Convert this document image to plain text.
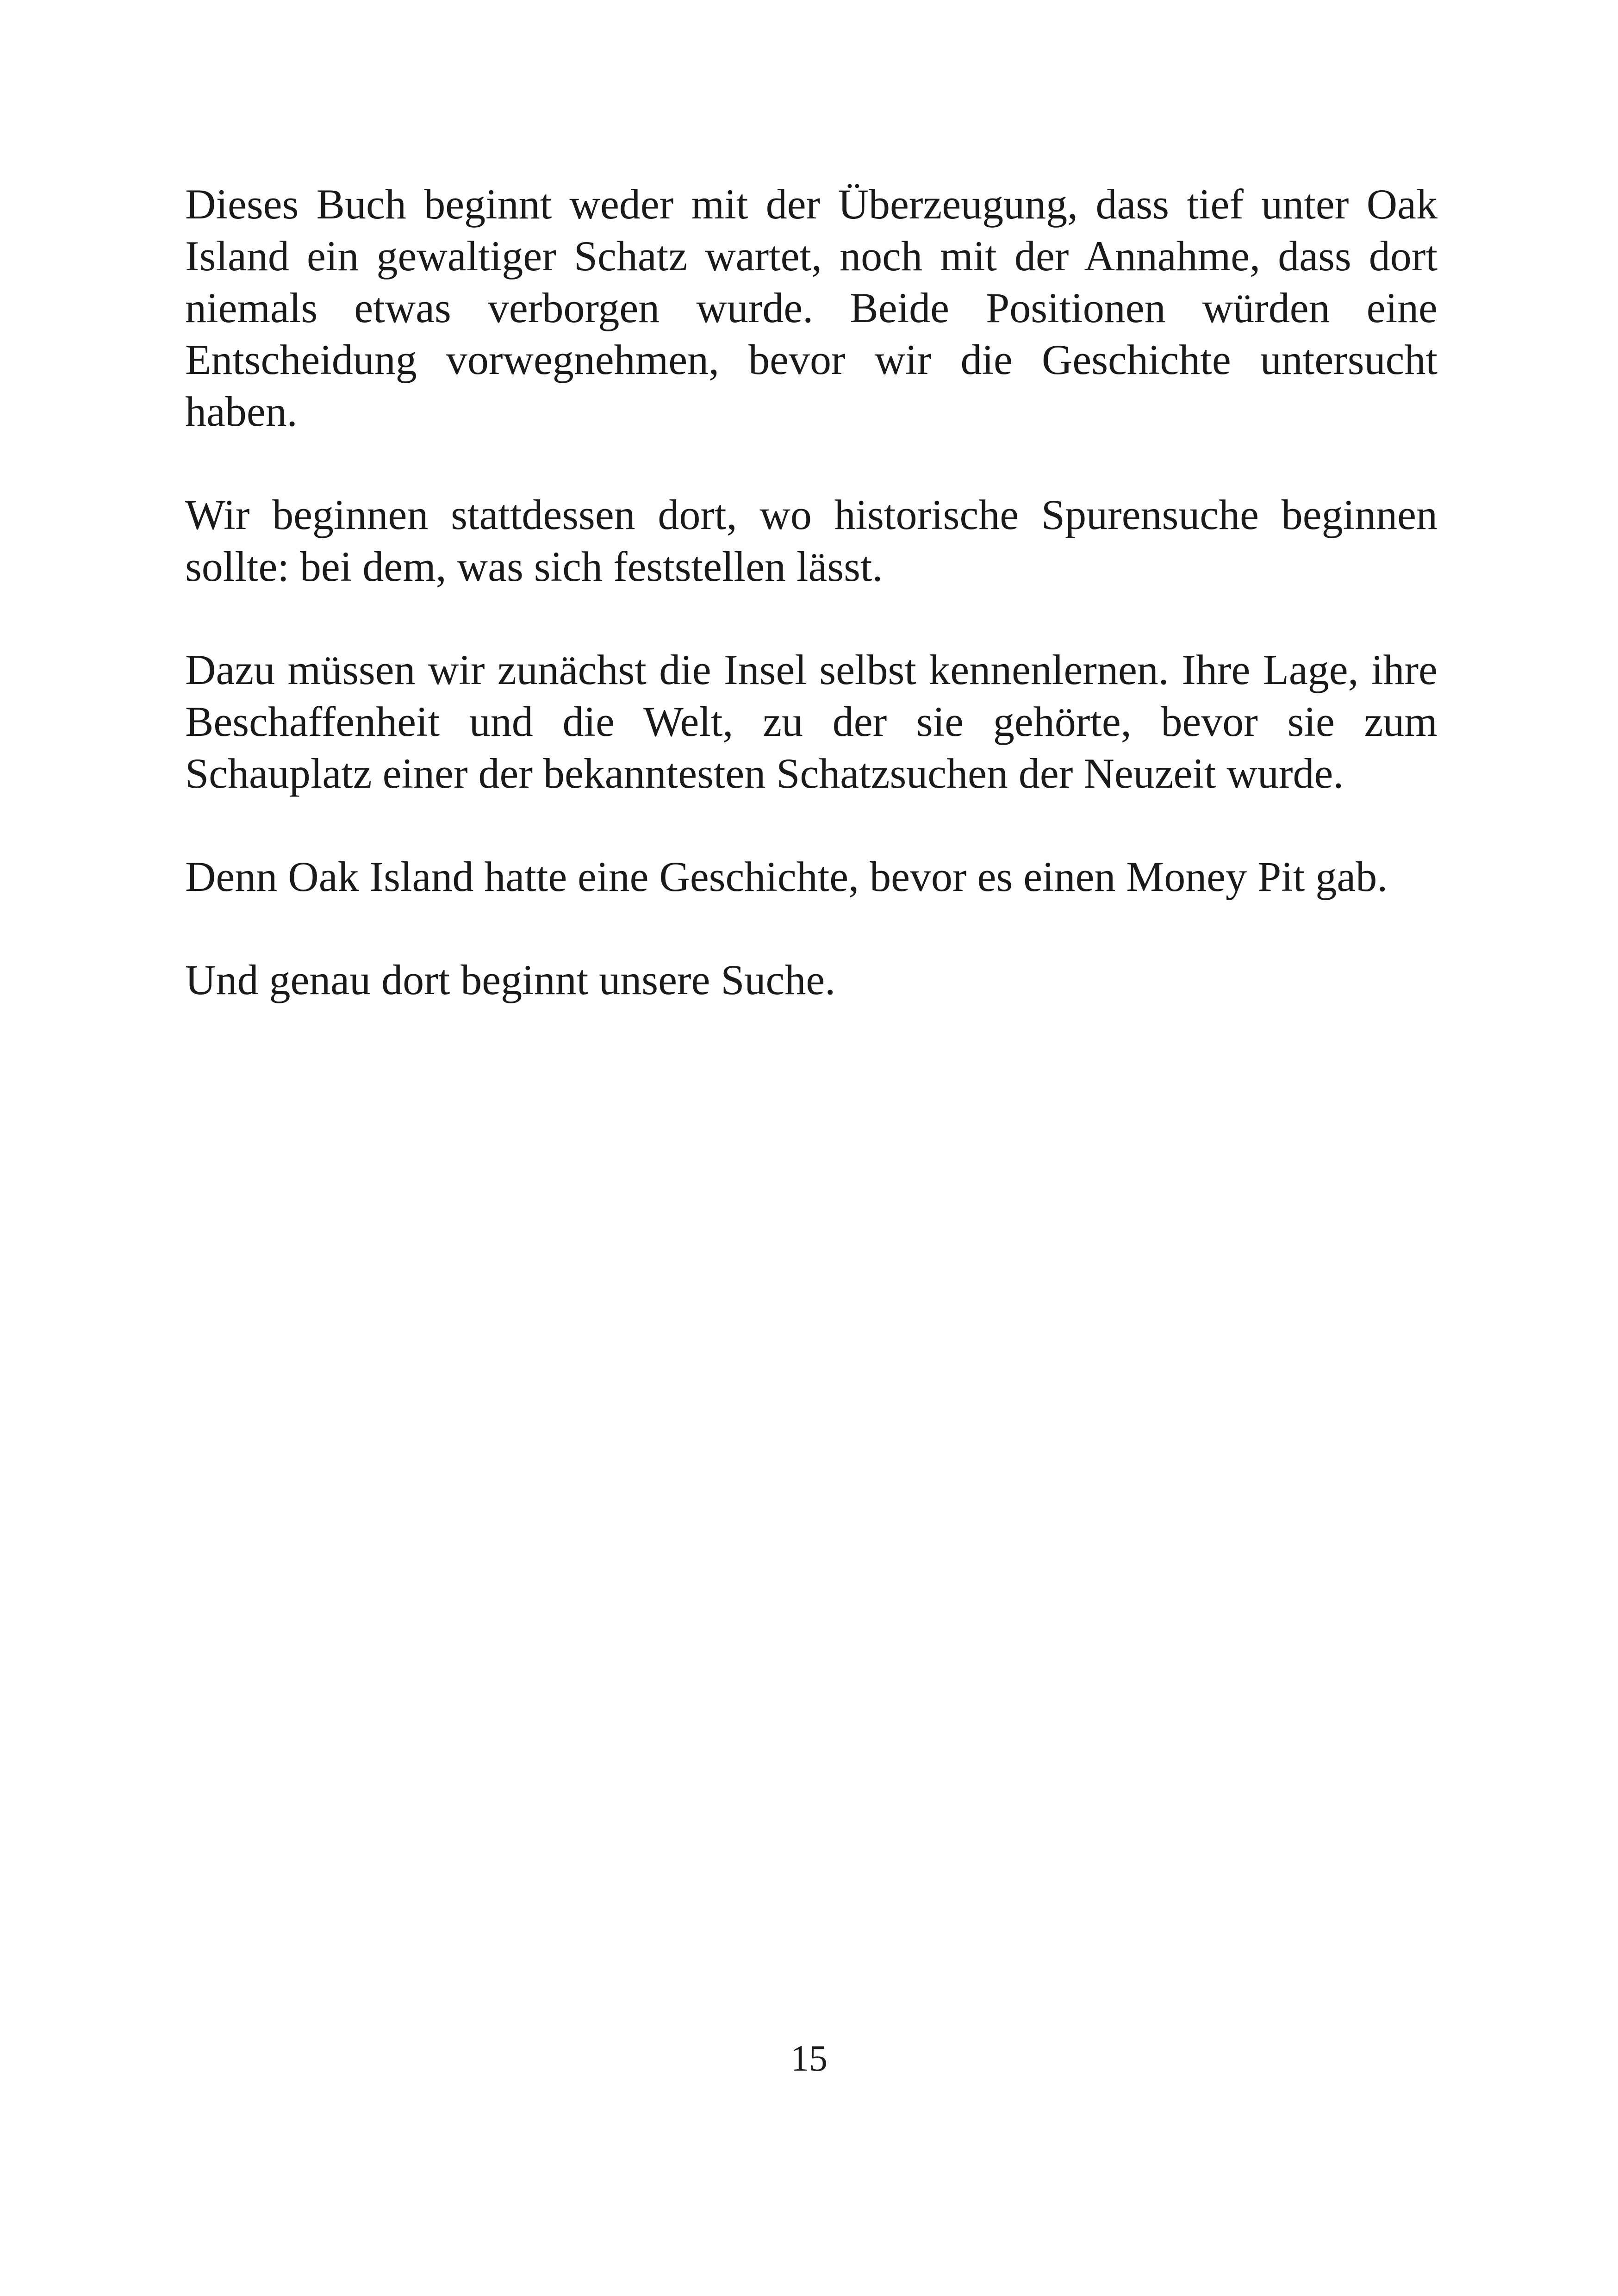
Dieses Buch beginnt weder mit der Überzeugung, dass tief unter Oak Island ein gewaltiger Schatz wartet, noch mit der Annahme, dass dort niemals etwas verborgen wurde. Beide Positionen würden eine Entscheidung vorwegnehmen, bevor wir die Geschichte untersucht haben.

Wir beginnen stattdessen dort, wo historische Spurensuche beginnen sollte: bei dem, was sich feststellen lässt.

Dazu müssen wir zunächst die Insel selbst kennenlernen. Ihre Lage, ihre Beschaffenheit und die Welt, zu der sie gehörte, bevor sie zum Schauplatz einer der bekanntesten Schatzsuchen der Neuzeit wurde.

Denn Oak Island hatte eine Geschichte, bevor es einen Money Pit gab.

Und genau dort beginnt unsere Suche.

15
